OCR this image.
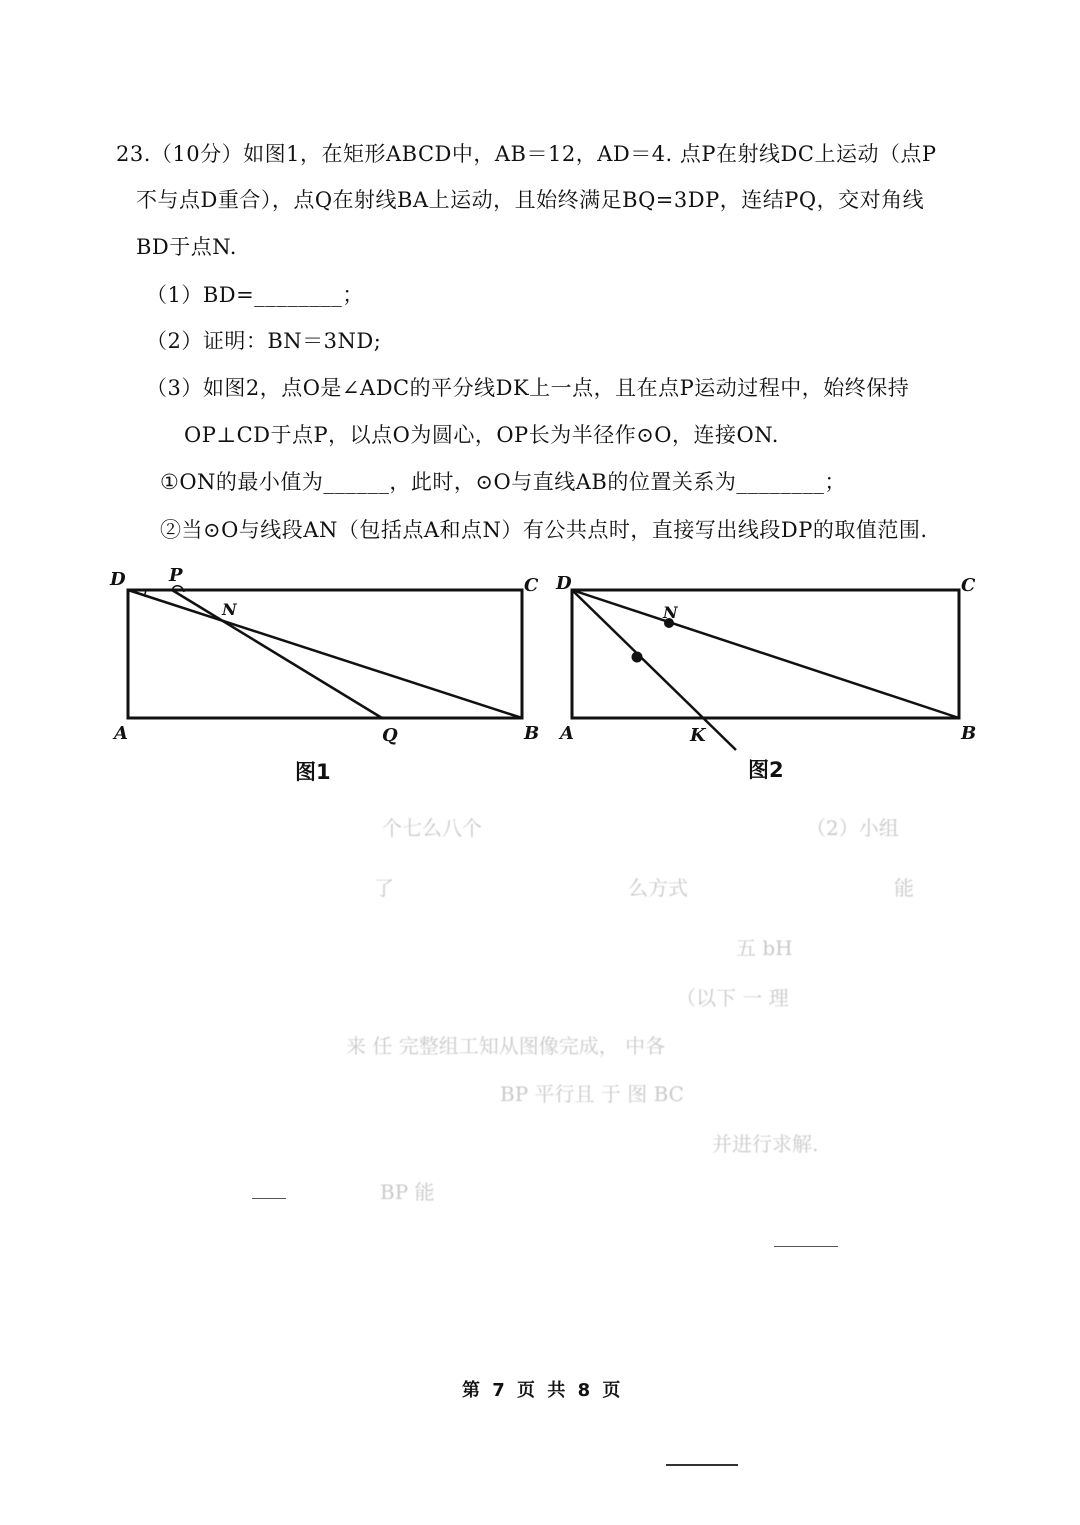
23.（10分）如图1，在矩形ABCD中，AB＝12，AD＝4. 点P在射线DC上运动（点P
不与点D重合），点Q在射线BA上运动，且始终满足BQ=3DP，连结PQ，交对角线
BD于点N.
（1）BD=________；
（2）证明：BN＝3ND;
（3）如图2，点O是∠ADC的平分线DK上一点，且在点P运动过程中，始终保持
OP⊥CD于点P，以点O为圆心，OP长为半径作⊙O，连接ON.
①ON的最小值为______，此时，⊙O与直线AB的位置关系为________；
②当⊙O与线段AN（包括点A和点N）有公共点时，直接写出线段DP的取值范围.
D P
N
C
A	Q	B
图1
D
N
C
A	K	B
图2
个七么八个	（2）小组
了	么方式	能
五 bH
（以下 一 理
来 任 完整组工知从图像完成， 中各
BP 平行且 于 图 BC
并进行求解.
BP 能
第 7 页 共 8 页
